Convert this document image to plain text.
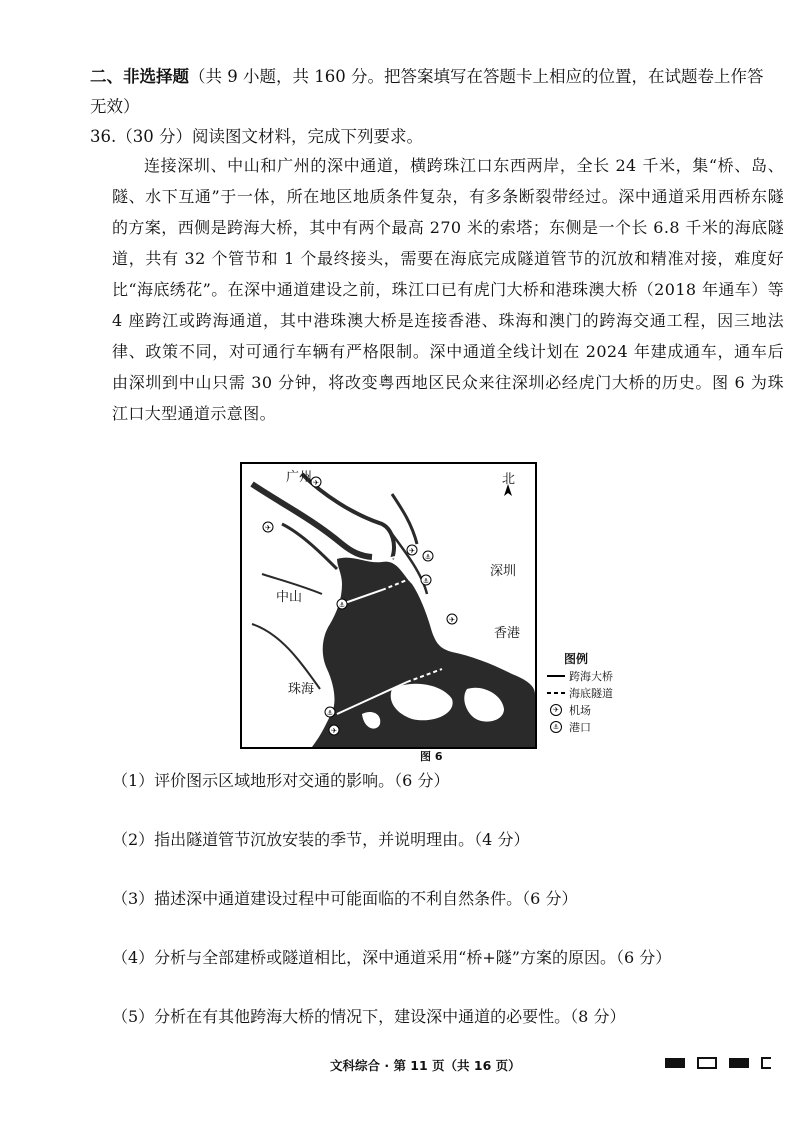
二、非选择题（共 9 小题，共 160 分。把答案填写在答题卡上相应的位置，在试题卷上作答无效）
36.（30 分）阅读图文材料，完成下列要求。
连接深圳、中山和广州的深中通道，横跨珠江口东西两岸，全长 24 千米，集“桥、岛、隧、水下互通”于一体，所在地区地质条件复杂，有多条断裂带经过。深中通道采用西桥东隧的方案，西侧是跨海大桥，其中有两个最高 270 米的索塔；东侧是一个长 6.8 千米的海底隧道，共有 32 个管节和 1 个最终接头，需要在海底完成隧道管节的沉放和精准对接，难度好比“海底绣花”。在深中通道建设之前，珠江口已有虎门大桥和港珠澳大桥（2018 年通车）等 4 座跨江或跨海通道，其中港珠澳大桥是连接香港、珠海和澳门的跨海交通工程，因三地法律、政策不同，对可通行车辆有严格限制。深中通道全线计划在 2024 年建成通车，通车后由深圳到中山只需 30 分钟，将改变粤西地区民众来往深圳必经虎门大桥的历史。图 6 为珠江口大型通道示意图。
✈
✈
✈
✈
✈
⚓
⚓
⚓
⚓
北
广州
深圳
中山
香港
珠海
图例
跨海大桥
海底隧道
✈ 机场
⚓ 港口
图 6
（1）评价图示区域地形对交通的影响。（6 分）
（2）指出隧道管节沉放安装的季节，并说明理由。（4 分）
（3）描述深中通道建设过程中可能面临的不利自然条件。（6 分）
（4）分析与全部建桥或隧道相比，深中通道采用“桥+隧”方案的原因。（6 分）
（5）分析在有其他跨海大桥的情况下，建设深中通道的必要性。（8 分）
文科综合 · 第 11 页（共 16 页）
